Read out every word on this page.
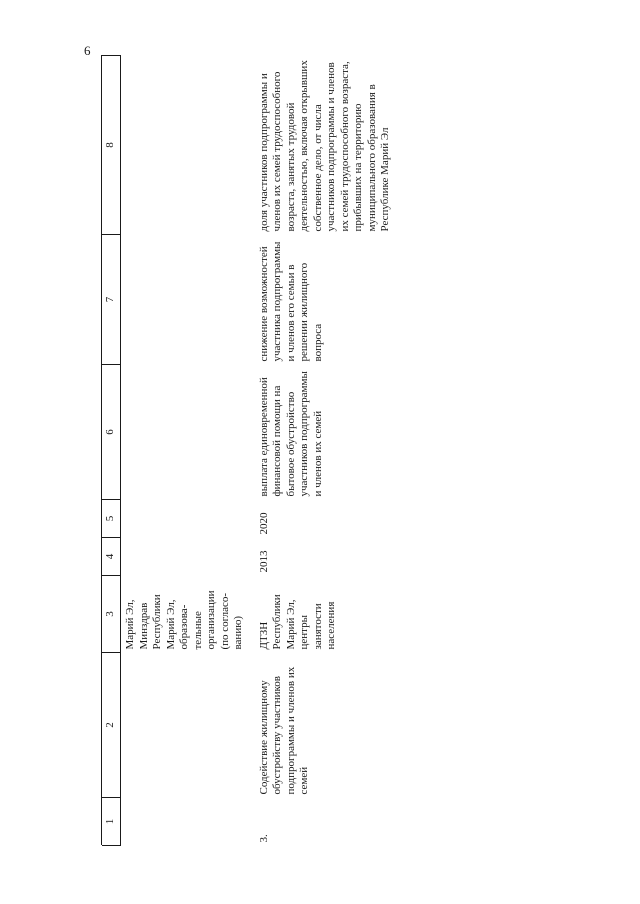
6

1	2	3	4	5	6	7	8
		Марий Эл, Минздрав Республики Марий Эл, образова-тельные организации (по согласо-ванию)					
3.	Содействие жилищному обустройству участников подпрограммы и членов их семей	ДТЗН Республики Марий Эл, центры занятости населения	2013	2020	выплата единовременной финансовой помощи на бытовое обустройство участников подпрограммы и членов их семей	снижение возможностей участника подпрограммы и членов его семьи в решении жилищного вопроса	доля участников подпрограммы и членов их семей трудоспособного возраста, занятых трудовой деятельностью, включая открывших собственное дело, от числа участников подпрограммы и членов их семей трудоспособного возраста, прибывших на территорию муниципального образования в Республике Марий Эл
